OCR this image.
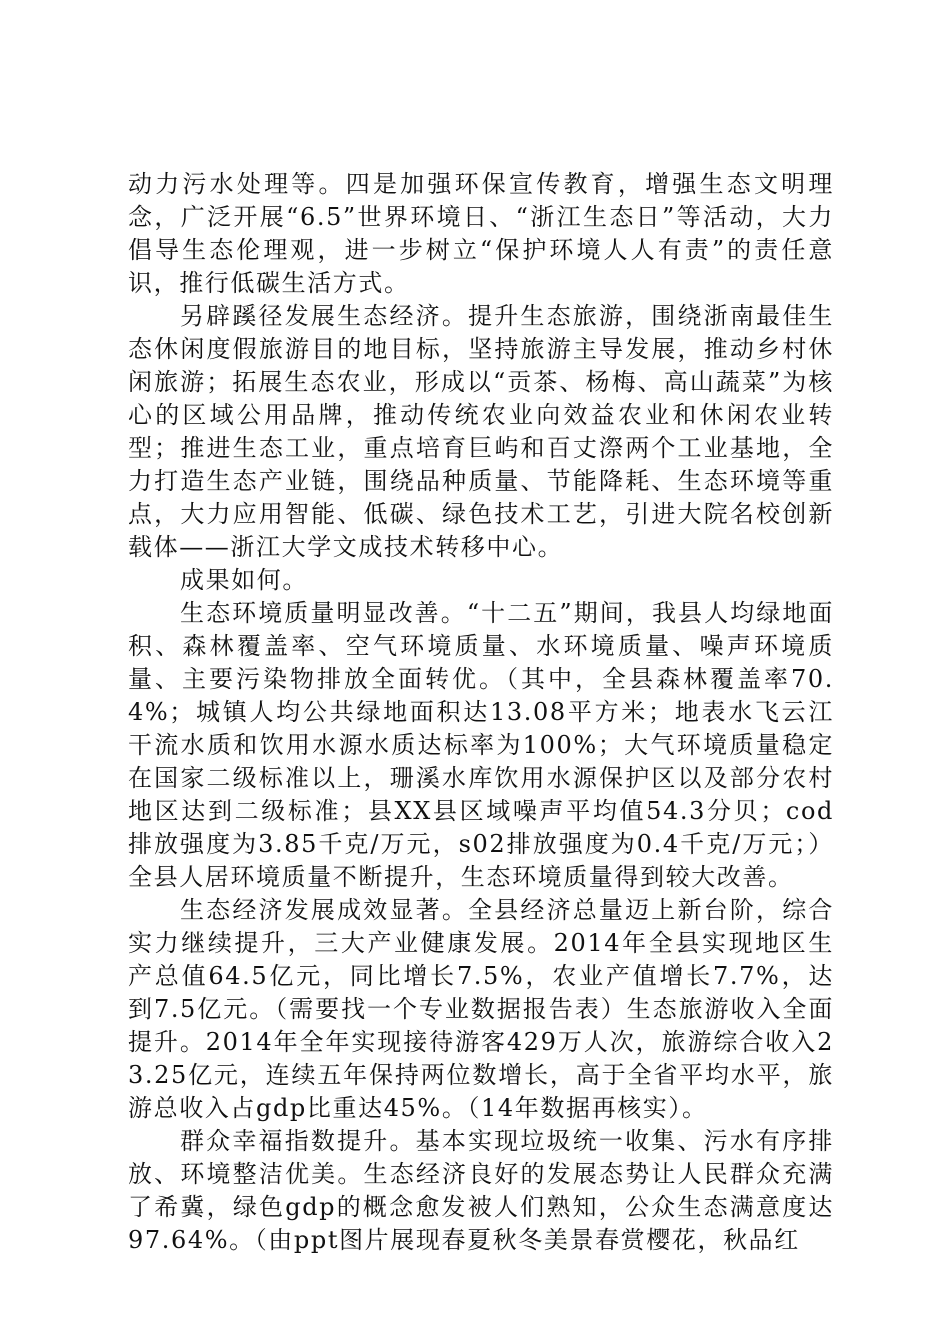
动力污水处理等。四是加强环保宣传教育，增强生态文明理念，广泛开展“6.5”世界环境日、“浙江生态日”等活动，大力倡导生态伦理观，进一步树立“保护环境人人有责”的责任意识，推行低碳生活方式。

另辟蹊径发展生态经济。提升生态旅游，围绕浙南最佳生态休闲度假旅游目的地目标，坚持旅游主导发展，推动乡村休闲旅游；拓展生态农业，形成以“贡茶、杨梅、高山蔬菜”为核心的区域公用品牌，推动传统农业向效益农业和休闲农业转型；推进生态工业，重点培育巨屿和百丈漈两个工业基地，全力打造生态产业链，围绕品种质量、节能降耗、生态环境等重点，大力应用智能、低碳、绿色技术工艺，引进大院名校创新载体——浙江大学文成技术转移中心。

成果如何。

生态环境质量明显改善。“十二五”期间，我县人均绿地面积、森林覆盖率、空气环境质量、水环境质量、噪声环境质量、主要污染物排放全面转优。（其中，全县森林覆盖率70.4%；城镇人均公共绿地面积达13.08平方米；地表水飞云江干流水质和饮用水源水质达标率为100%；大气环境质量稳定在国家二级标准以上，珊溪水库饮用水源保护区以及部分农村地区达到二级标准；县XX县区域噪声平均值54.3分贝；cod排放强度为3.85千克/万元，s02排放强度为0.4千克/万元；）全县人居环境质量不断提升，生态环境质量得到较大改善。

生态经济发展成效显著。全县经济总量迈上新台阶，综合实力继续提升，三大产业健康发展。2014年全县实现地区生产总值64.5亿元，同比增长7.5%，农业产值增长7.7%，达到7.5亿元。（需要找一个专业数据报告表）生态旅游收入全面提升。2014年全年实现接待游客429万人次，旅游综合收入23.25亿元，连续五年保持两位数增长，高于全省平均水平，旅游总收入占gdp比重达45%。（14年数据再核实）。

群众幸福指数提升。基本实现垃圾统一收集、污水有序排放、环境整洁优美。生态经济良好的发展态势让人民群众充满了希冀，绿色gdp的概念愈发被人们熟知，公众生态满意度达97.64%。（由ppt图片展现春夏秋冬美景春赏樱花，秋品红
